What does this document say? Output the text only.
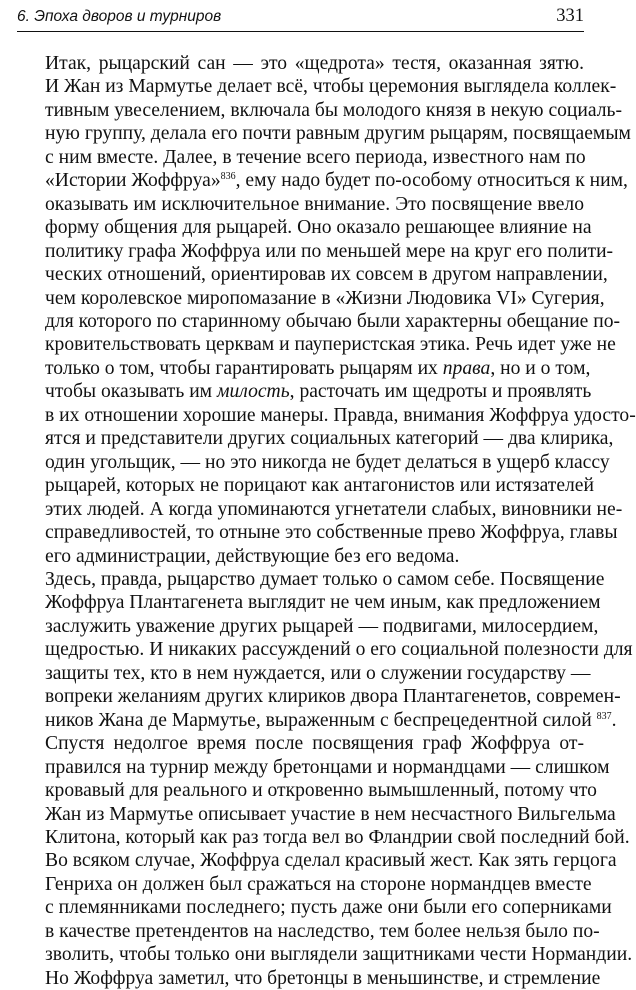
6. Эпоха дворов и турниров	331

Итак, рыцарский сан — это «щедрота» тестя, оказанная зятю.
И Жан из Мармутье делает всё, чтобы церемония выглядела коллек-
тивным увеселением, включала бы молодого князя в некую социаль-
ную группу, делала его почти равным другим рыцарям, посвящаемым
с ним вместе. Далее, в течение всего периода, известного нам по
«Истории Жоффруа»$^{836}$, ему надо будет по-особому относиться к ним,
оказывать им исключительное внимание. Это посвящение ввело
форму общения для рыцарей. Оно оказало решающее влияние на
политику графа Жоффруа или по меньшей мере на круг его полити-
ческих отношений, ориентировав их совсем в другом направлении,
чем королевское миропомазание в «Жизни Людовика VI» Сугерия,
для которого по старинному обычаю были характерны обещание по-
кровительствовать церквам и пауперистская этика. Речь идет уже не
только о том, чтобы гарантировать рыцарям их права, но и о том,
чтобы оказывать им милость, расточать им щедроты и проявлять
в их отношении хорошие манеры. Правда, внимания Жоффруа удосто-
ятся и представители других социальных категорий — два клирика,
один угольщик, — но это никогда не будет делаться в ущерб классу
рыцарей, которых не порицают как антагонистов или истязателей
этих людей. А когда упоминаются угнетатели слабых, виновники не-
справедливостей, то отныне это собственные прево Жоффруа, главы
его администрации, действующие без его ведома.

Здесь, правда, рыцарство думает только о самом себе. Посвящение
Жоффруа Плантагенета выглядит не чем иным, как предложением
заслужить уважение других рыцарей — подвигами, милосердием,
щедростью. И никаких рассуждений о его социальной полезности для
защиты тех, кто в нем нуждается, или о служении государству —
вопреки желаниям других клириков двора Плантагенетов, современ-
ников Жана де Мармутье, выраженным с беспрецедентной силой $^{837}$.

Спустя недолгое время после посвящения граф Жоффруа от-
правился на турнир между бретонцами и нормандцами — слишком
кровавый для реального и откровенно вымышленный, потому что
Жан из Мармутье описывает участие в нем несчастного Вильгельма
Клитона, который как раз тогда вел во Фландрии свой последний бой.
Во всяком случае, Жоффруа сделал красивый жест. Как зять герцога
Генриха он должен был сражаться на стороне нормандцев вместе
с племянниками последнего; пусть даже они были его соперниками
в качестве претендентов на наследство, тем более нельзя было по-
зволить, чтобы только они выглядели защитниками чести Нормандии.
Но Жоффруа заметил, что бретонцы в меньшинстве, и стремление
